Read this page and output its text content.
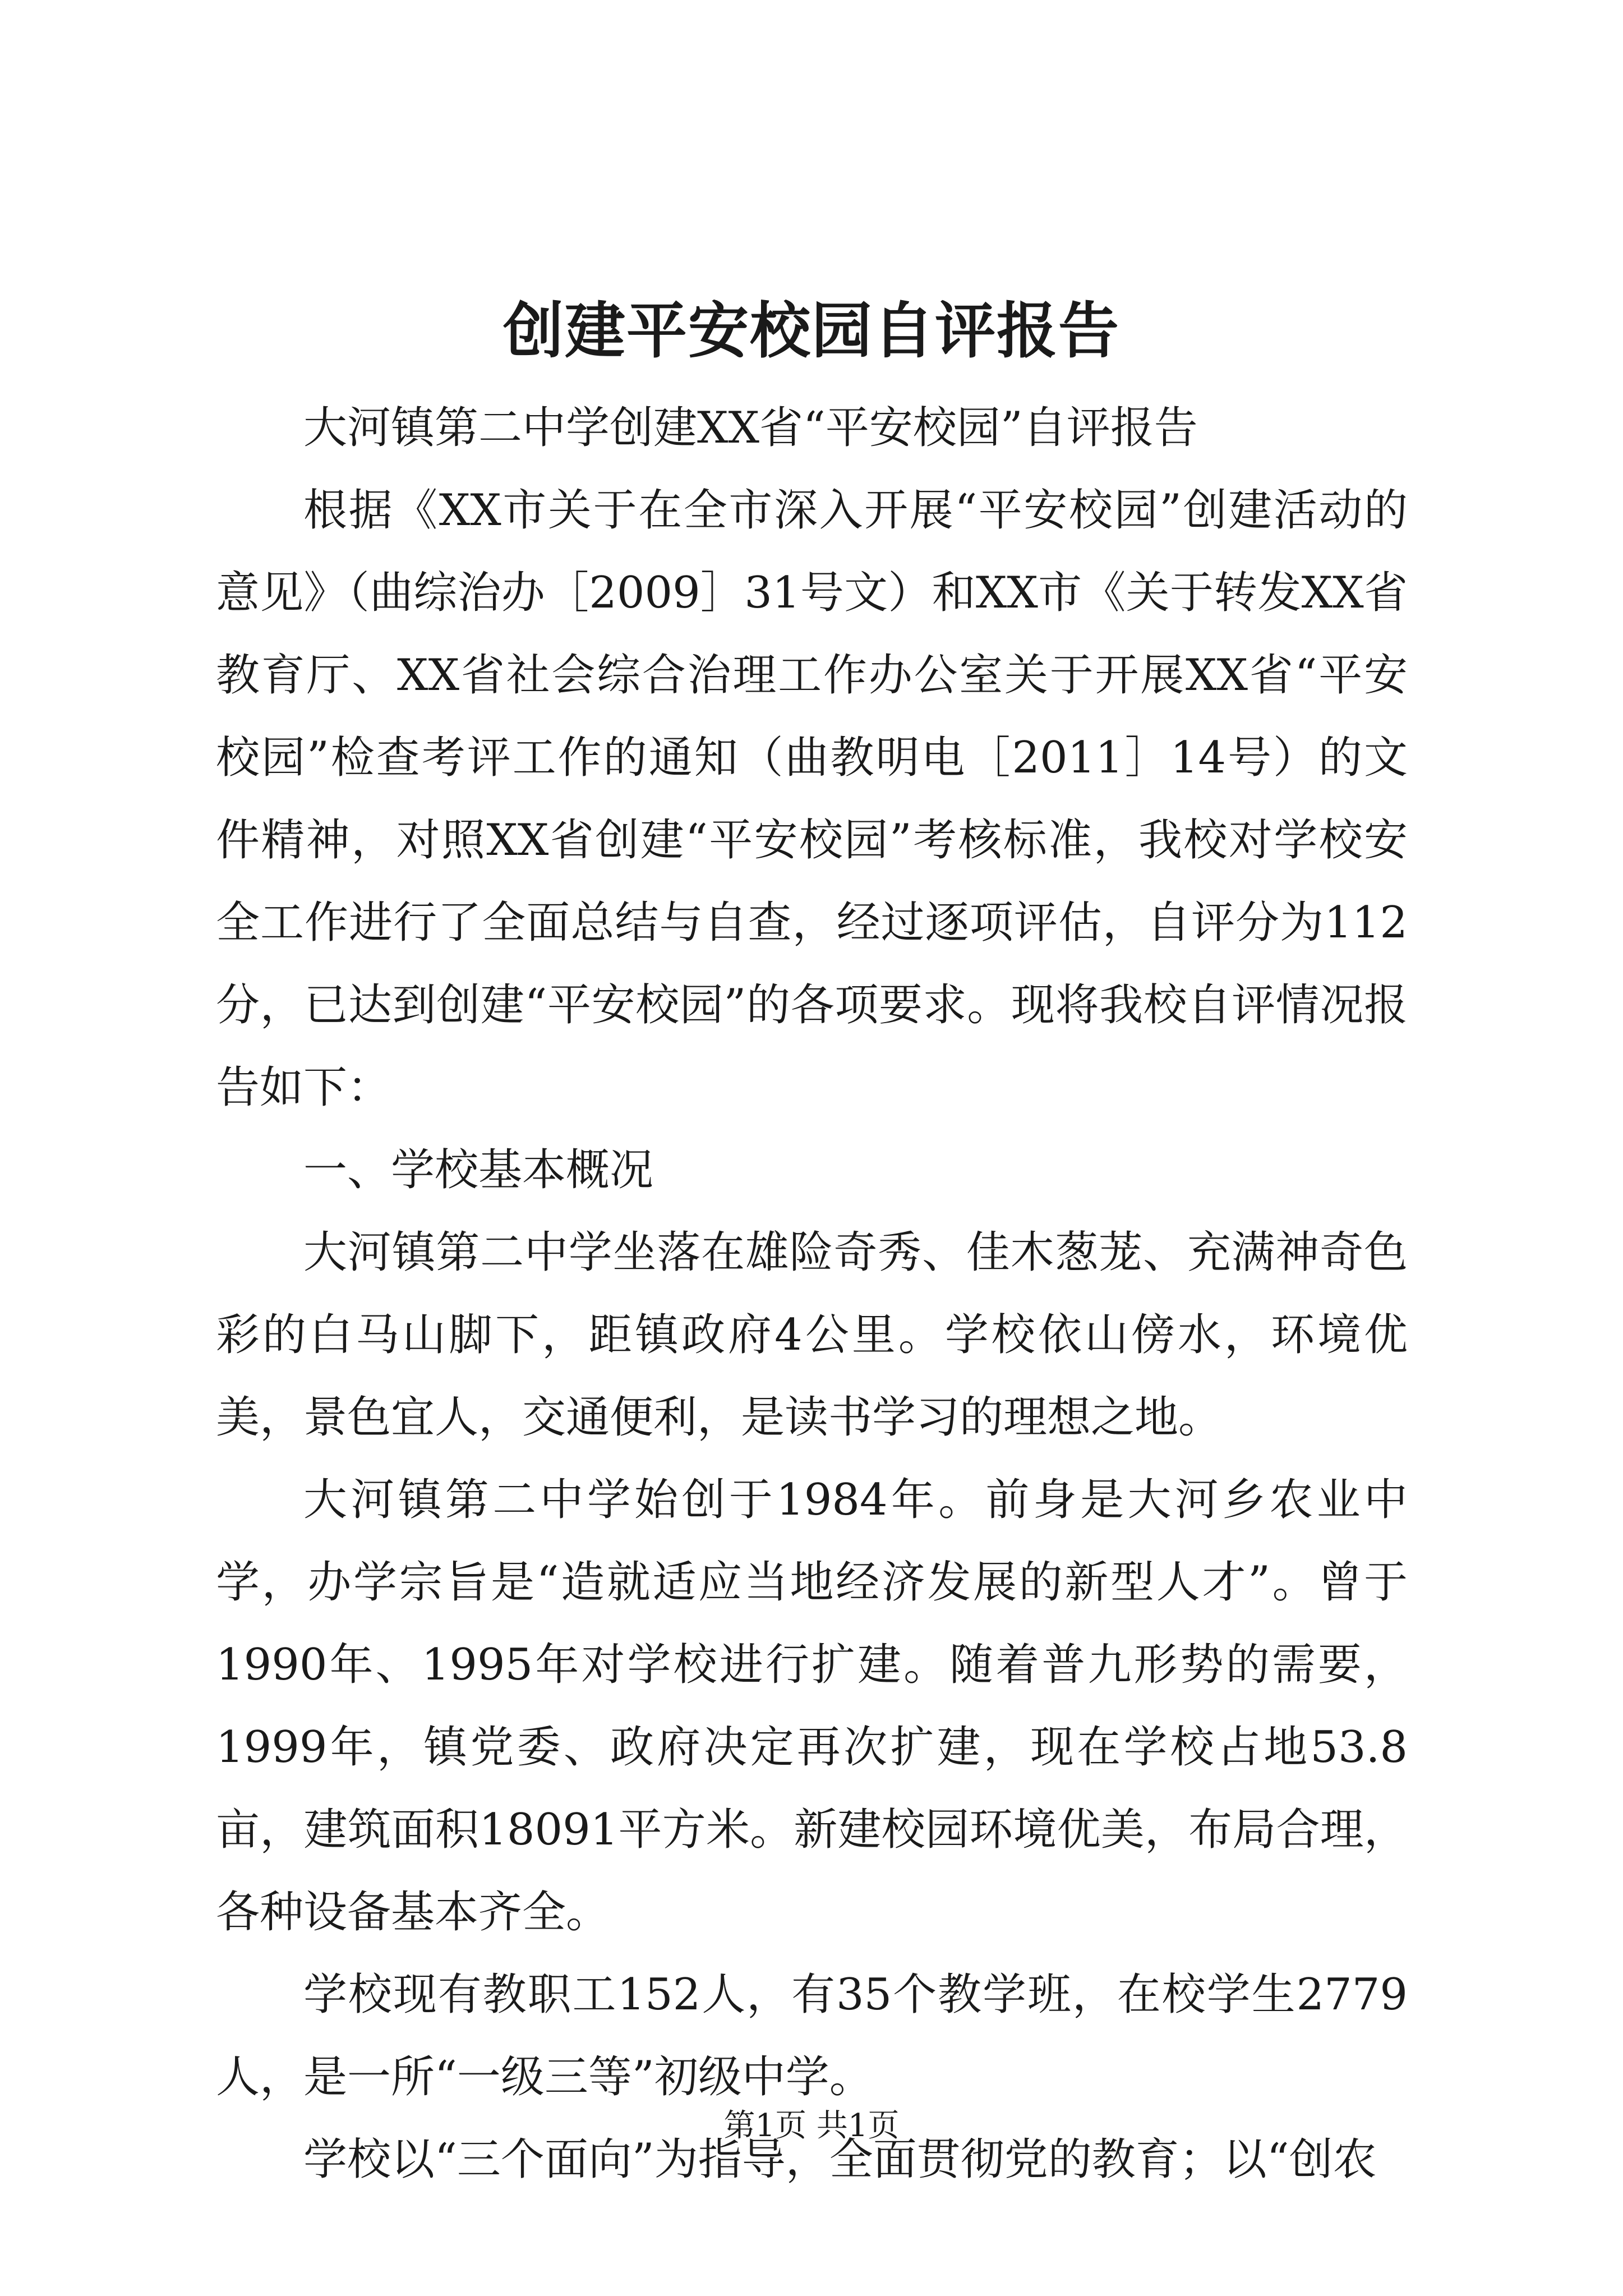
创建平安校园自评报告

大河镇第二中学创建XX省“平安校园”自评报告

根据《XX市关于在全市深入开展“平安校园”创建活动的意见》（曲综治办［2009］31号文）和XX市《关于转发XX省教育厅、XX省社会综合治理工作办公室关于开展XX省“平安校园”检查考评工作的通知（曲教明电［2011］14号）的文件精神，对照XX省创建“平安校园”考核标准，我校对学校安全工作进行了全面总结与自查，经过逐项评估，自评分为112分，已达到创建“平安校园”的各项要求。现将我校自评情况报告如下：

一、学校基本概况

大河镇第二中学坐落在雄险奇秀、佳木葱茏、充满神奇色彩的白马山脚下，距镇政府4公里。学校依山傍水，环境优美，景色宜人，交通便利，是读书学习的理想之地。

大河镇第二中学始创于1984年。前身是大河乡农业中学，办学宗旨是“造就适应当地经济发展的新型人才”。曾于1990年、1995年对学校进行扩建。随着普九形势的需要，1999年，镇党委、政府决定再次扩建，现在学校占地53.8亩，建筑面积18091平方米。新建校园环境优美，布局合理，各种设备基本齐全。

学校现有教职工152人，有35个教学班，在校学生2779人，是一所“一级三等”初级中学。

学校以“三个面向”为指导，全面贯彻党的教育；以“创农

第1页 共1页
